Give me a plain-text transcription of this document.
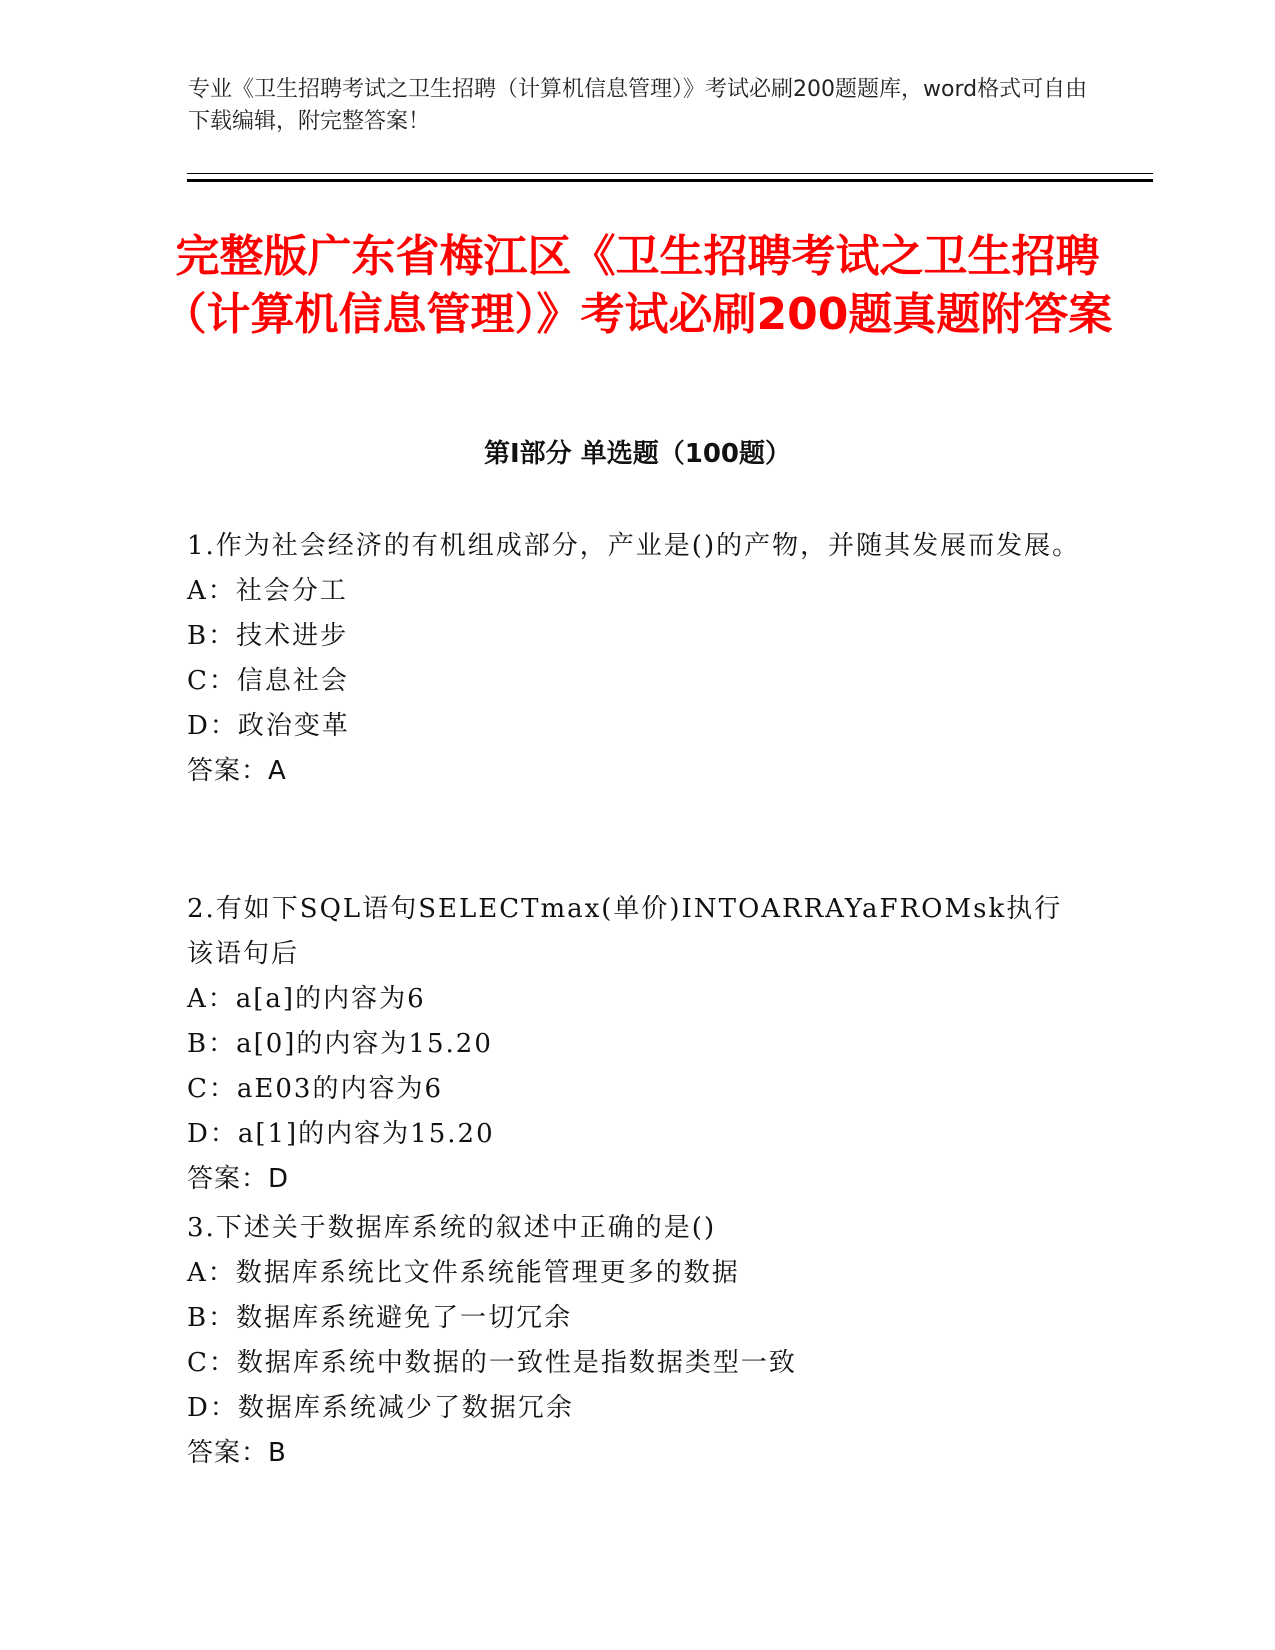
专业《卫生招聘考试之卫生招聘（计算机信息管理）》考试必刷200题题库，word格式可自由下载编辑，附完整答案！
完整版广东省梅江区《卫生招聘考试之卫生招聘（计算机信息管理）》考试必刷200题真题附答案
第Ⅰ部分 单选题（100题）
1.作为社会经济的有机组成部分，产业是()的产物，并随其发展而发展。
A：社会分工
B：技术进步
C：信息社会
D：政治变革
答案：A
2.有如下SQL语句SELECTmax(单价)INTOARRAYaFROMsk执行该语句后
A：a[a]的内容为6
B：a[0]的内容为15.20
C：aE03的内容为6
D：a[1]的内容为15.20
答案：D
3.下述关于数据库系统的叙述中正确的是()
A：数据库系统比文件系统能管理更多的数据
B：数据库系统避免了一切冗余
C：数据库系统中数据的一致性是指数据类型一致
D：数据库系统减少了数据冗余
答案：B
